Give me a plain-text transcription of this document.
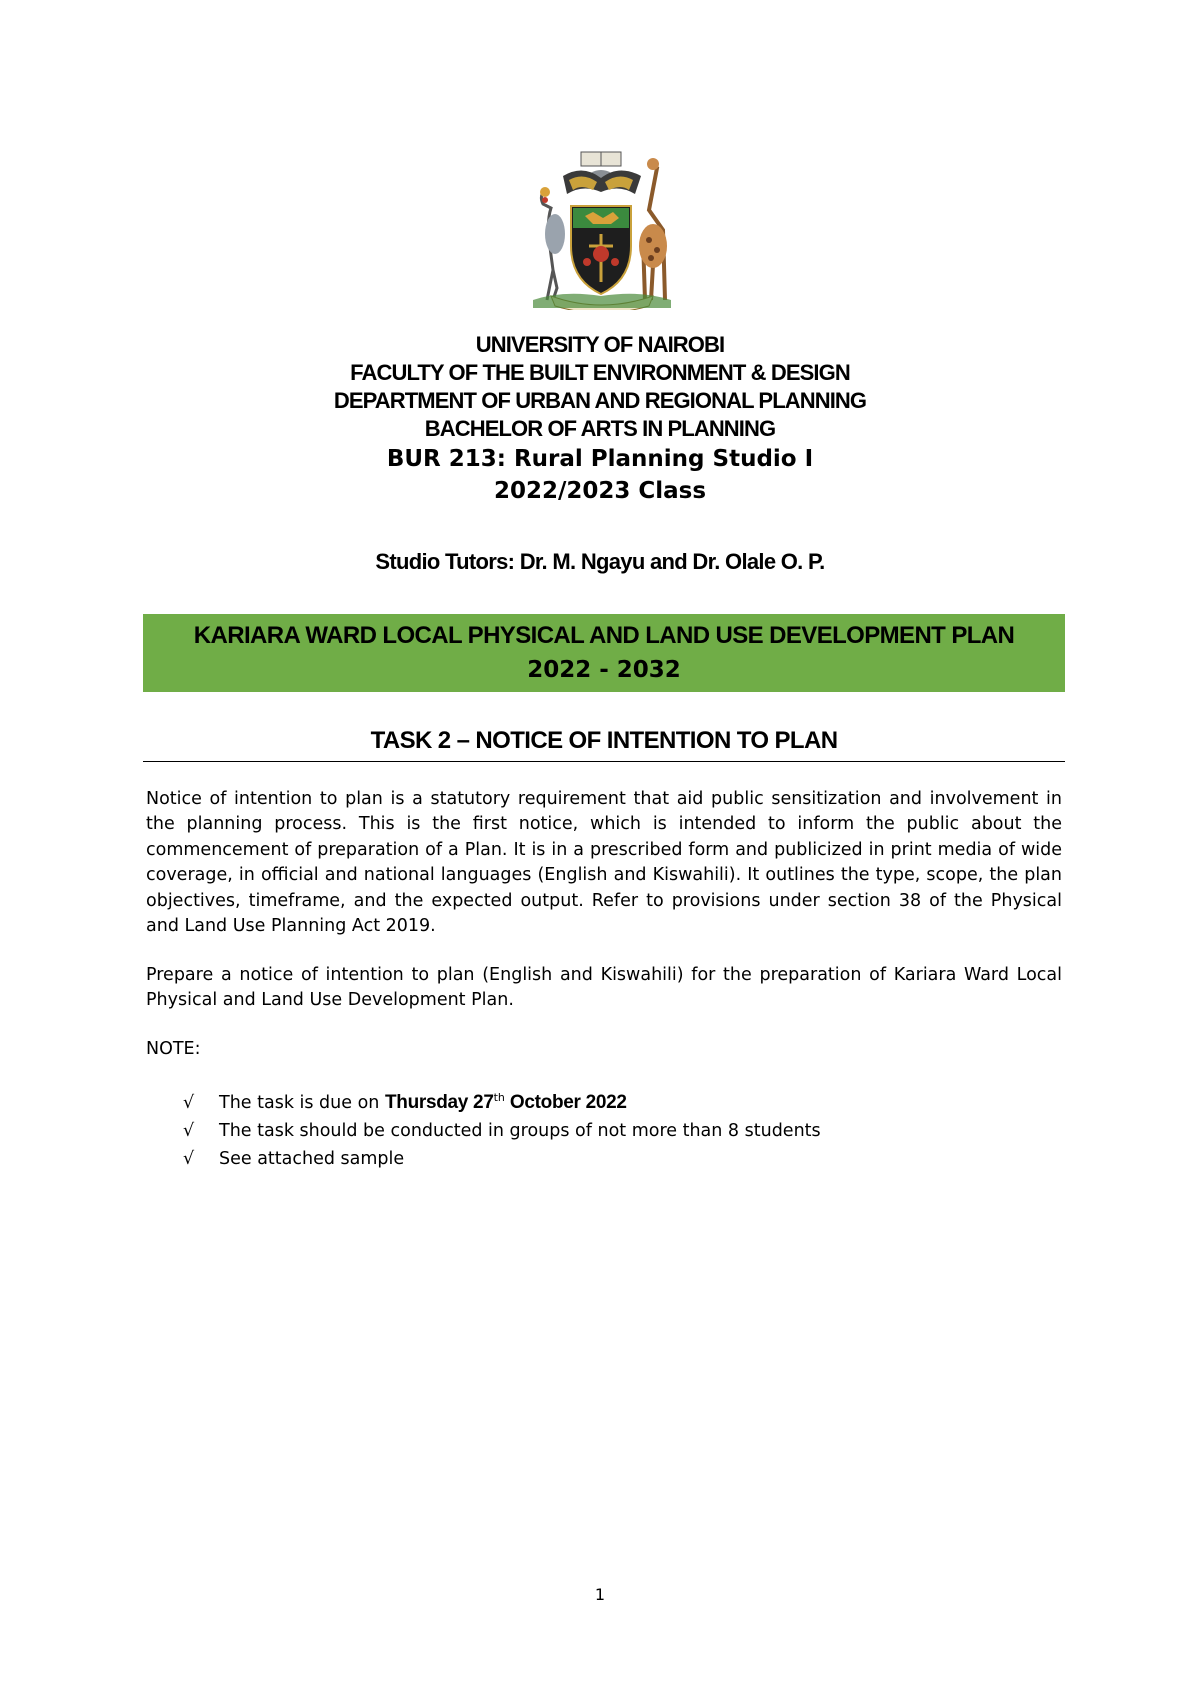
UNIVERSITY OF NAIROBI

FACULTY OF THE BUILT ENVIRONMENT & DESIGN

DEPARTMENT OF URBAN AND REGIONAL PLANNING

BACHELOR OF ARTS IN PLANNING

BUR 213: Rural Planning Studio I

2022/2023 Class

Studio Tutors: Dr. M. Ngayu and Dr. Olale O. P.
KARIARA WARD LOCAL PHYSICAL AND LAND USE DEVELOPMENT PLAN
2022 - 2032
TASK 2 – NOTICE OF INTENTION TO PLAN

Notice of intention to plan is a statutory requirement that aid public sensitization and involvement in the planning process. This is the first notice, which is intended to inform the public about the commencement of preparation of a Plan. It is in a prescribed form and publicized in print media of wide coverage, in official and national languages (English and Kiswahili). It outlines the type, scope, the plan objectives, timeframe, and the expected output. Refer to provisions under section 38 of the Physical and Land Use Planning Act 2019.

Prepare a notice of intention to plan (English and Kiswahili) for the preparation of Kariara Ward Local Physical and Land Use Development Plan.

NOTE:
√ The task is due on Thursday 27th October 2022
√ The task should be conducted in groups of not more than 8 students
√ See attached sample
1
